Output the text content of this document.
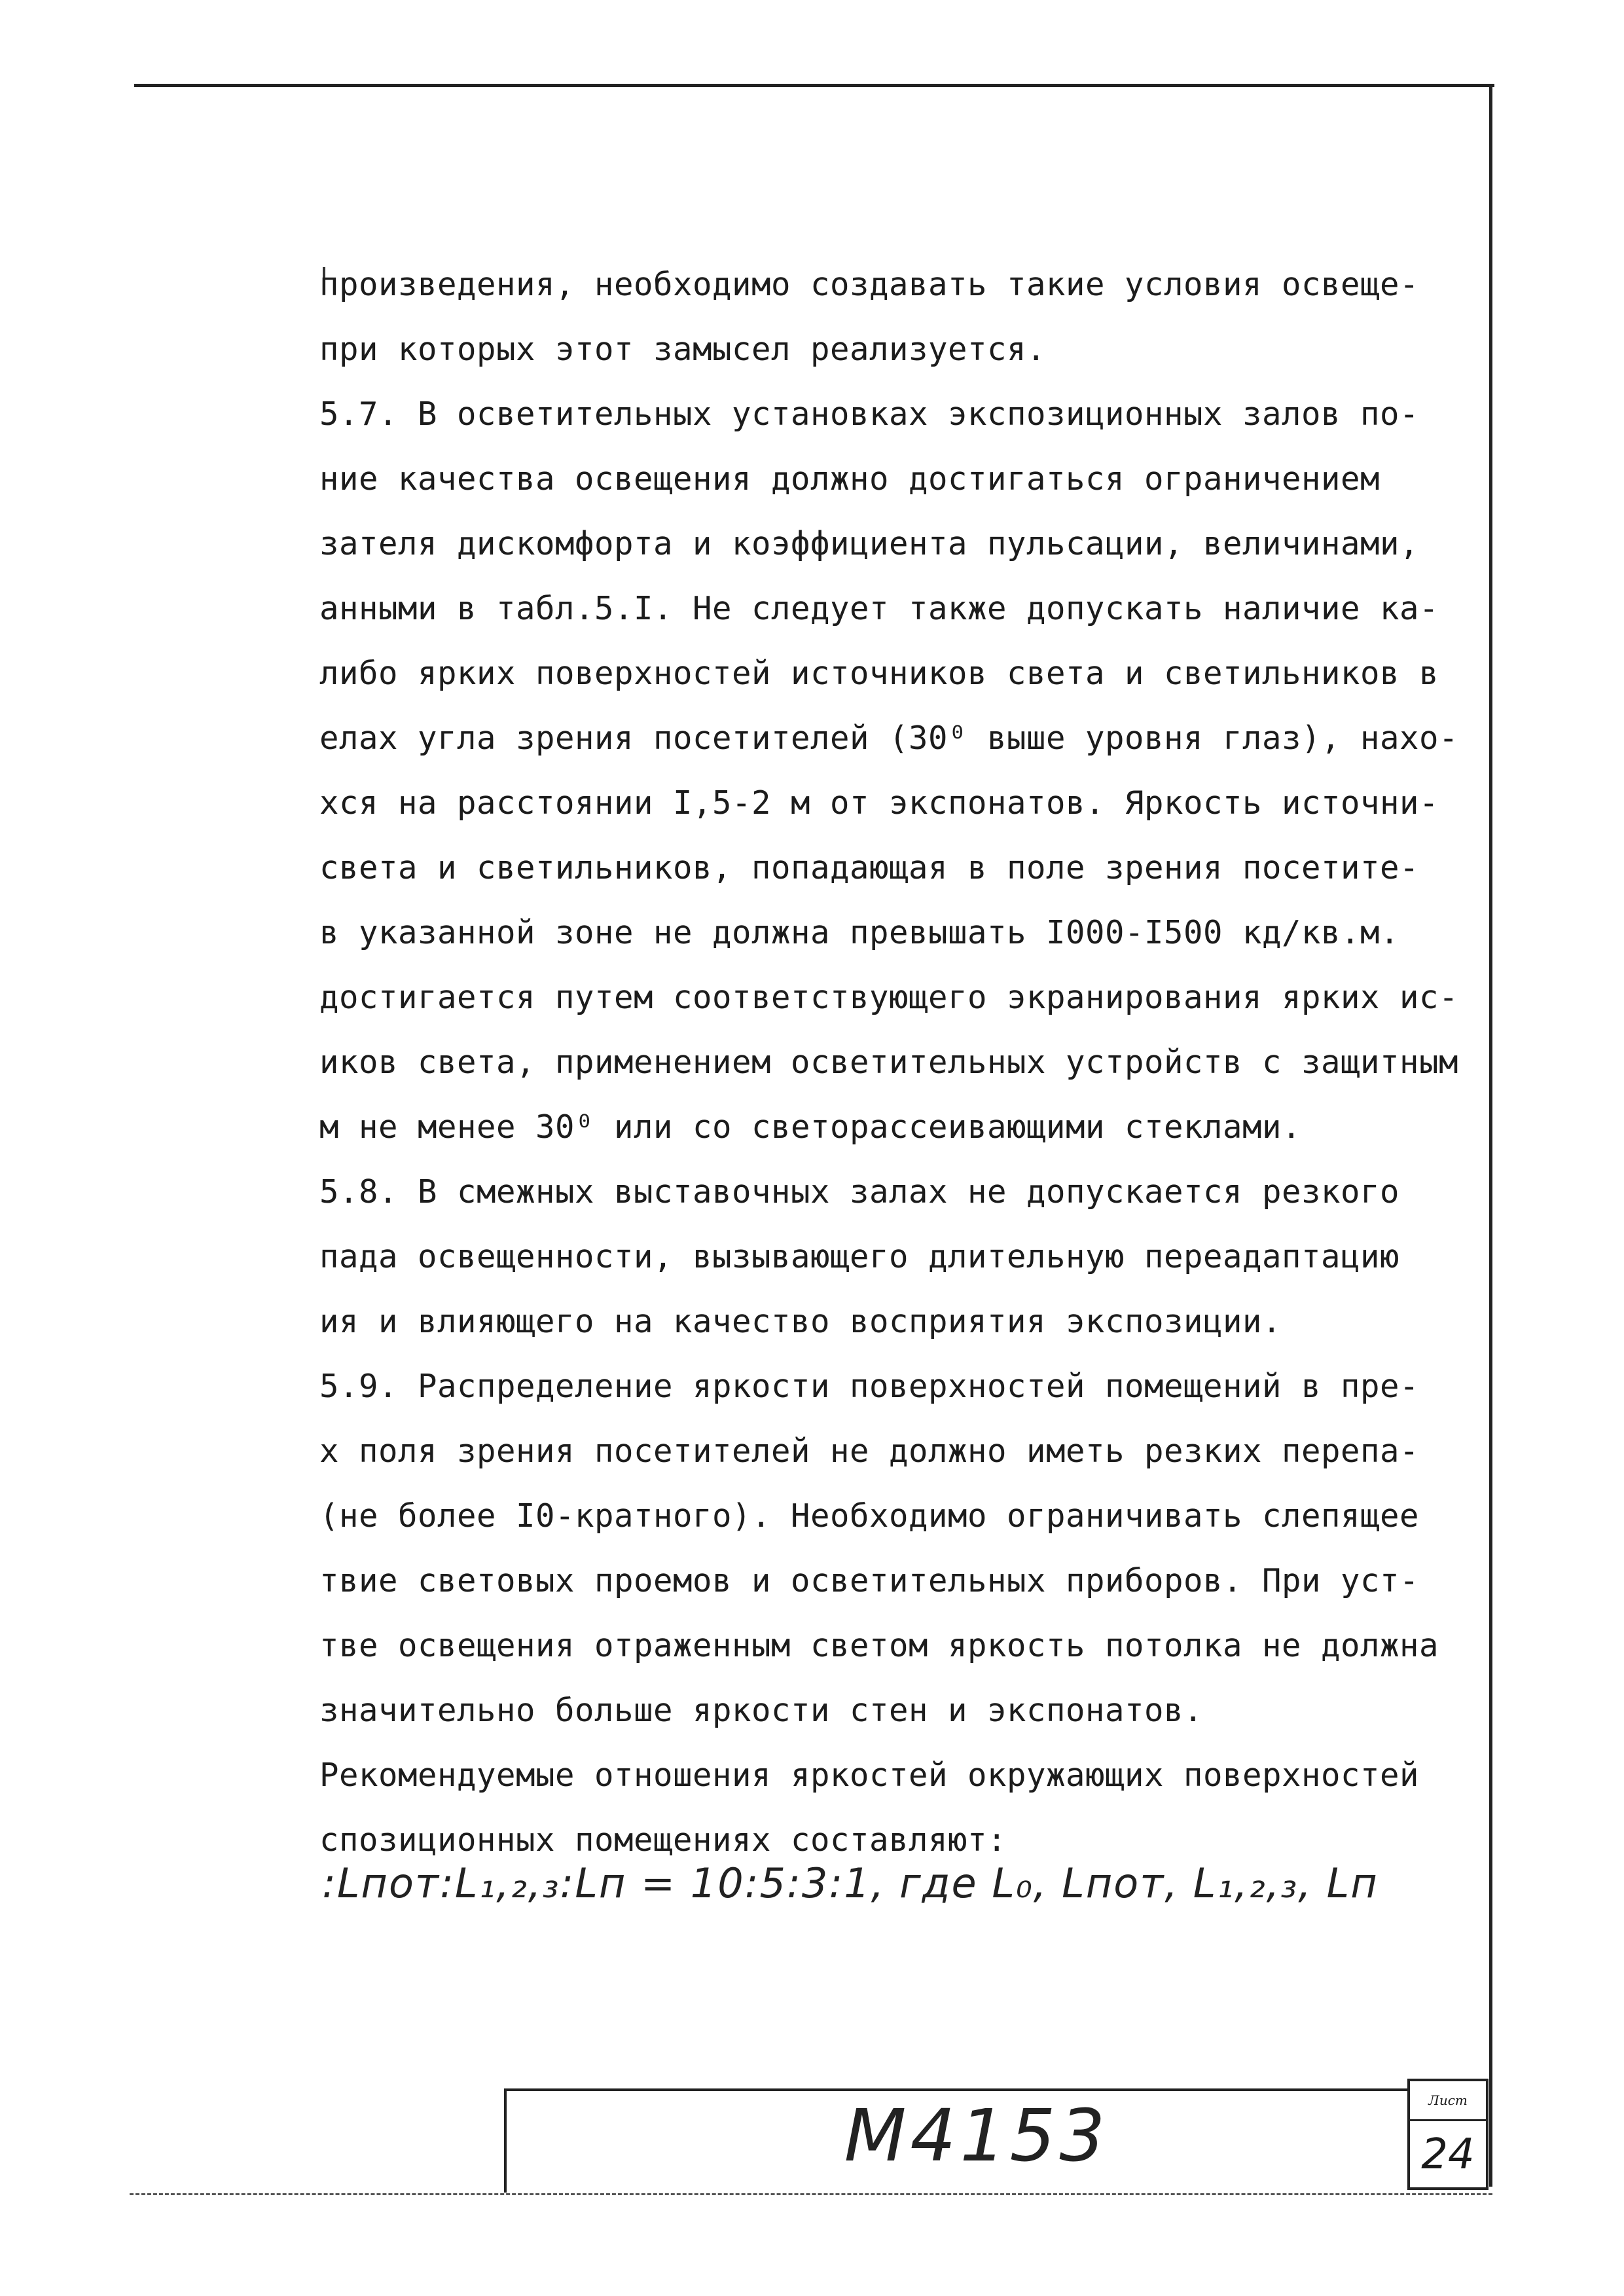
произведения, необходимо создавать такие условия освеще-
при которых этот замысел реализуется.
5.7. В осветительных установках экспозиционных залов по-
ние качества освещения должно достигаться ограничением
зателя дискомфорта и коэффициента пульсации, величинами,
анными в табл.5.I. Не следует также допускать наличие ка-
либо ярких поверхностей источников света и светильников в
елах угла зрения посетителей (30⁰ выше уровня глаз), нахо-
хся на расстоянии I,5-2 м от экспонатов. Яркость источни-
света и светильников, попадающая в поле зрения посетите-
в указанной зоне не должна превышать I000-I500 кд/кв.м.
достигается путем соответствующего экранирования ярких ис-
иков света, применением осветительных устройств с защитным
м не менее 30⁰ или со светорассеивающими стеклами.
5.8. В смежных выставочных залах не допускается резкого
пада освещенности, вызывающего длительную переадаптацию
ия и влияющего на качество восприятия экспозиции.
5.9. Распределение яркости поверхностей помещений в пре-
х поля зрения посетителей не должно иметь резких перепа-
(не более I0-кратного). Необходимо ограничивать слепящее
твие световых проемов и осветительных приборов. При уст-
тве освещения отраженным светом яркость потолка не должна
значительно больше яркости стен и экспонатов.
Рекомендуемые отношения яркостей окружающих поверхностей
спозиционных помещениях составляют:
:Lпот:L₁,₂,₃:Lп = 10:5:3:1, где L₀, Lпот, L₁,₂,₃, Lп
M4153	Лист
24
